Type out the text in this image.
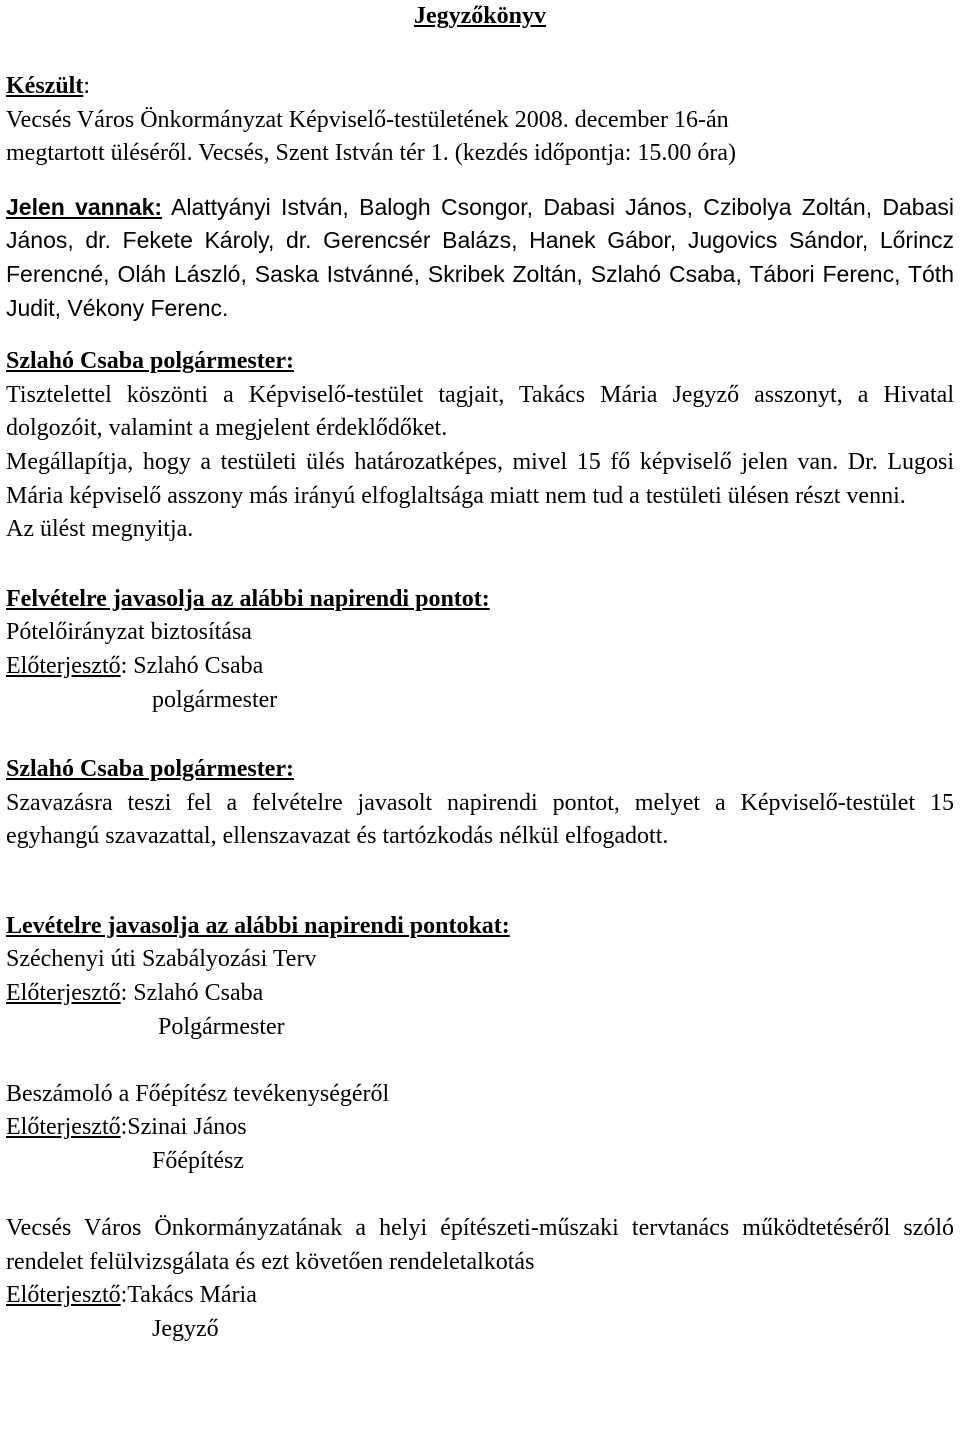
Jegyzőkönyv

Készült:

Vecsés Város Önkormányzat Képviselő-testületének 2008. december 16-án

megtartott üléséről. Vecsés, Szent István tér 1. (kezdés időpontja: 15.00 óra)

Jelen vannak: Alattyányi István, Balogh Csongor, Dabasi János, Czibolya Zoltán, Dabasi János, dr. Fekete Károly, dr. Gerencsér Balázs, Hanek Gábor, Jugovics Sándor, Lőrincz Ferencné, Oláh László, Saska Istvánné, Skribek Zoltán, Szlahó Csaba, Tábori Ferenc, Tóth Judit, Vékony Ferenc.

Szlahó Csaba polgármester:

Tisztelettel köszönti a Képviselő-testület tagjait, Takács Mária Jegyző asszonyt, a Hivatal dolgozóit, valamint a megjelent érdeklődőket.

Megállapítja, hogy a testületi ülés határozatképes, mivel 15 fő képviselő jelen van. Dr. Lugosi Mária képviselő asszony más irányú elfoglaltsága miatt nem tud a testületi ülésen részt venni.

Az ülést megnyitja.

Felvételre javasolja az alábbi napirendi pontot:

Pótelőirányzat biztosítása

Előterjesztő: Szlahó Csaba

polgármester

Szlahó Csaba polgármester:

Szavazásra teszi fel a felvételre javasolt napirendi pontot, melyet a Képviselő-testület 15 egyhangú szavazattal, ellenszavazat és tartózkodás nélkül elfogadott.

Levételre javasolja az alábbi napirendi pontokat:

Széchenyi úti Szabályozási Terv

Előterjesztő: Szlahó Csaba

Polgármester

Beszámoló a Főépítész tevékenységéről

Előterjesztő:Szinai János

Főépítész

Vecsés Város Önkormányzatának a helyi építészeti-műszaki tervtanács működtetéséről szóló rendelet felülvizsgálata és ezt követően rendeletalkotás

Előterjesztő:Takács Mária

Jegyző
